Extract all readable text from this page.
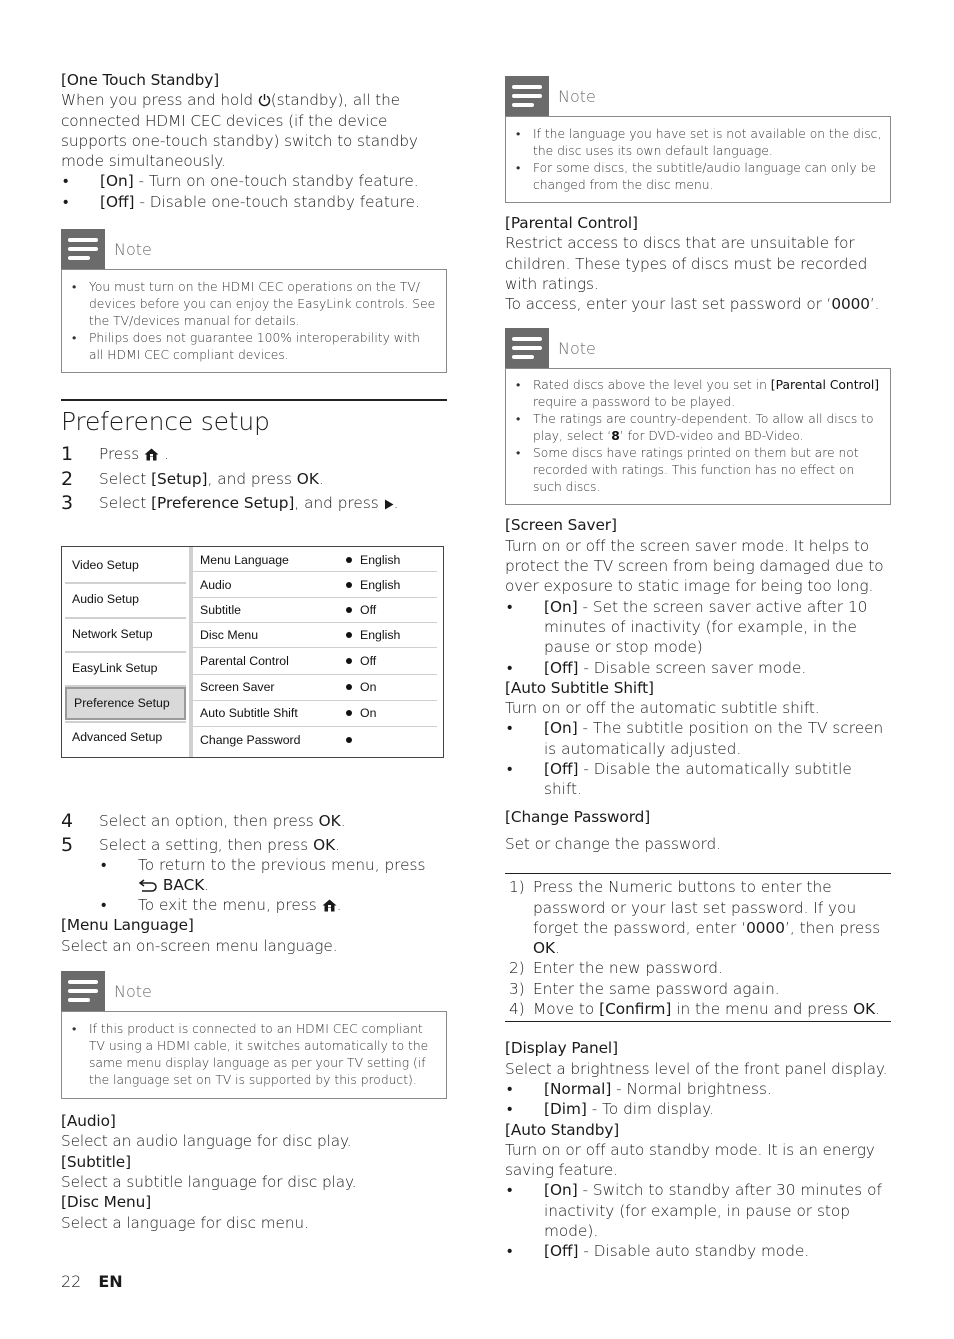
[One Touch Standby]

When you press and hold (standby), all the connected HDMI CEC devices (if the device supports one-touch standby) switch to standby mode simultaneously.

•	[On] - Turn on one-touch standby feature.
•	[Off] - Disable one-touch standby feature.
Note
•	You must turn on the HDMI CEC operations on the TV/ devices before you can enjoy the EasyLink controls. See the TV/devices manual for details.
•	Philips does not guarantee 100% interoperability with all HDMI CEC compliant devices.
Preference setup
1	Press .
2	Select [Setup], and press OK.
3	Select [Preference Setup], and press .
Video Setup
Audio Setup
Network Setup
EasyLink Setup
Preference Setup
Advanced Setup
Menu Language	English
Audio	English
Subtitle	Off
Disc Menu	English
Parental Control	Off
Screen Saver	On
Auto Subtitle Shift	On
Change Password
4	Select an option, then press OK.
5	Select a setting, then press OK.
•	To return to the previous menu, press
BACK.
•	To exit the menu, press .

[Menu Language]

Select an on-screen menu language.

Note
•	If this product is connected to an HDMI CEC compliant TV using a HDMI cable, it switches automatically to the same menu display language as per your TV setting (if the language set on TV is supported by this product).

[Audio]

Select an audio language for disc play.

[Subtitle]

Select a subtitle language for disc play.

[Disc Menu]

Select a language for disc menu.

Note
•	If the language you have set is not available on the disc, the disc uses its own default language.
•	For some discs, the subtitle/audio language can only be changed from the disc menu.

[Parental Control]

Restrict access to discs that are unsuitable for children. These types of discs must be recorded with ratings.

To access, enter your last set password or ‘0000’.

Note
•	Rated discs above the level you set in [Parental Control] require a password to be played.
•	The ratings are country-dependent. To allow all discs to play, select ‘8’ for DVD-video and BD-Video.
•	Some discs have ratings printed on them but are not recorded with ratings. This function has no effect on such discs.

[Screen Saver]

Turn on or off the screen saver mode. It helps to protect the TV screen from being damaged due to over exposure to static image for being too long.

•	[On] - Set the screen saver active after 10 minutes of inactivity (for example, in the pause or stop mode)
•	[Off] - Disable screen saver mode.

[Auto Subtitle Shift]

Turn on or off the automatic subtitle shift.

•	[On] - The subtitle position on the TV screen is automatically adjusted.
•	[Off] - Disable the automatically subtitle shift.

[Change Password]

Set or change the password.

1) Press the Numeric buttons to enter the password or your last set password. If you forget the password, enter ‘0000’, then press OK.
2) Enter the new password.
3) Enter the same password again.
4) Move to [Confirm] in the menu and press OK.

[Display Panel]

Select a brightness level of the front panel display.

•	[Normal] - Normal brightness.
•	[Dim] - To dim display.

[Auto Standby]

Turn on or off auto standby mode. It is an energy saving feature.

•	[On] - Switch to standby after 30 minutes of inactivity (for example, in pause or stop mode).
•	[Off] - Disable auto standby mode.
22 EN
